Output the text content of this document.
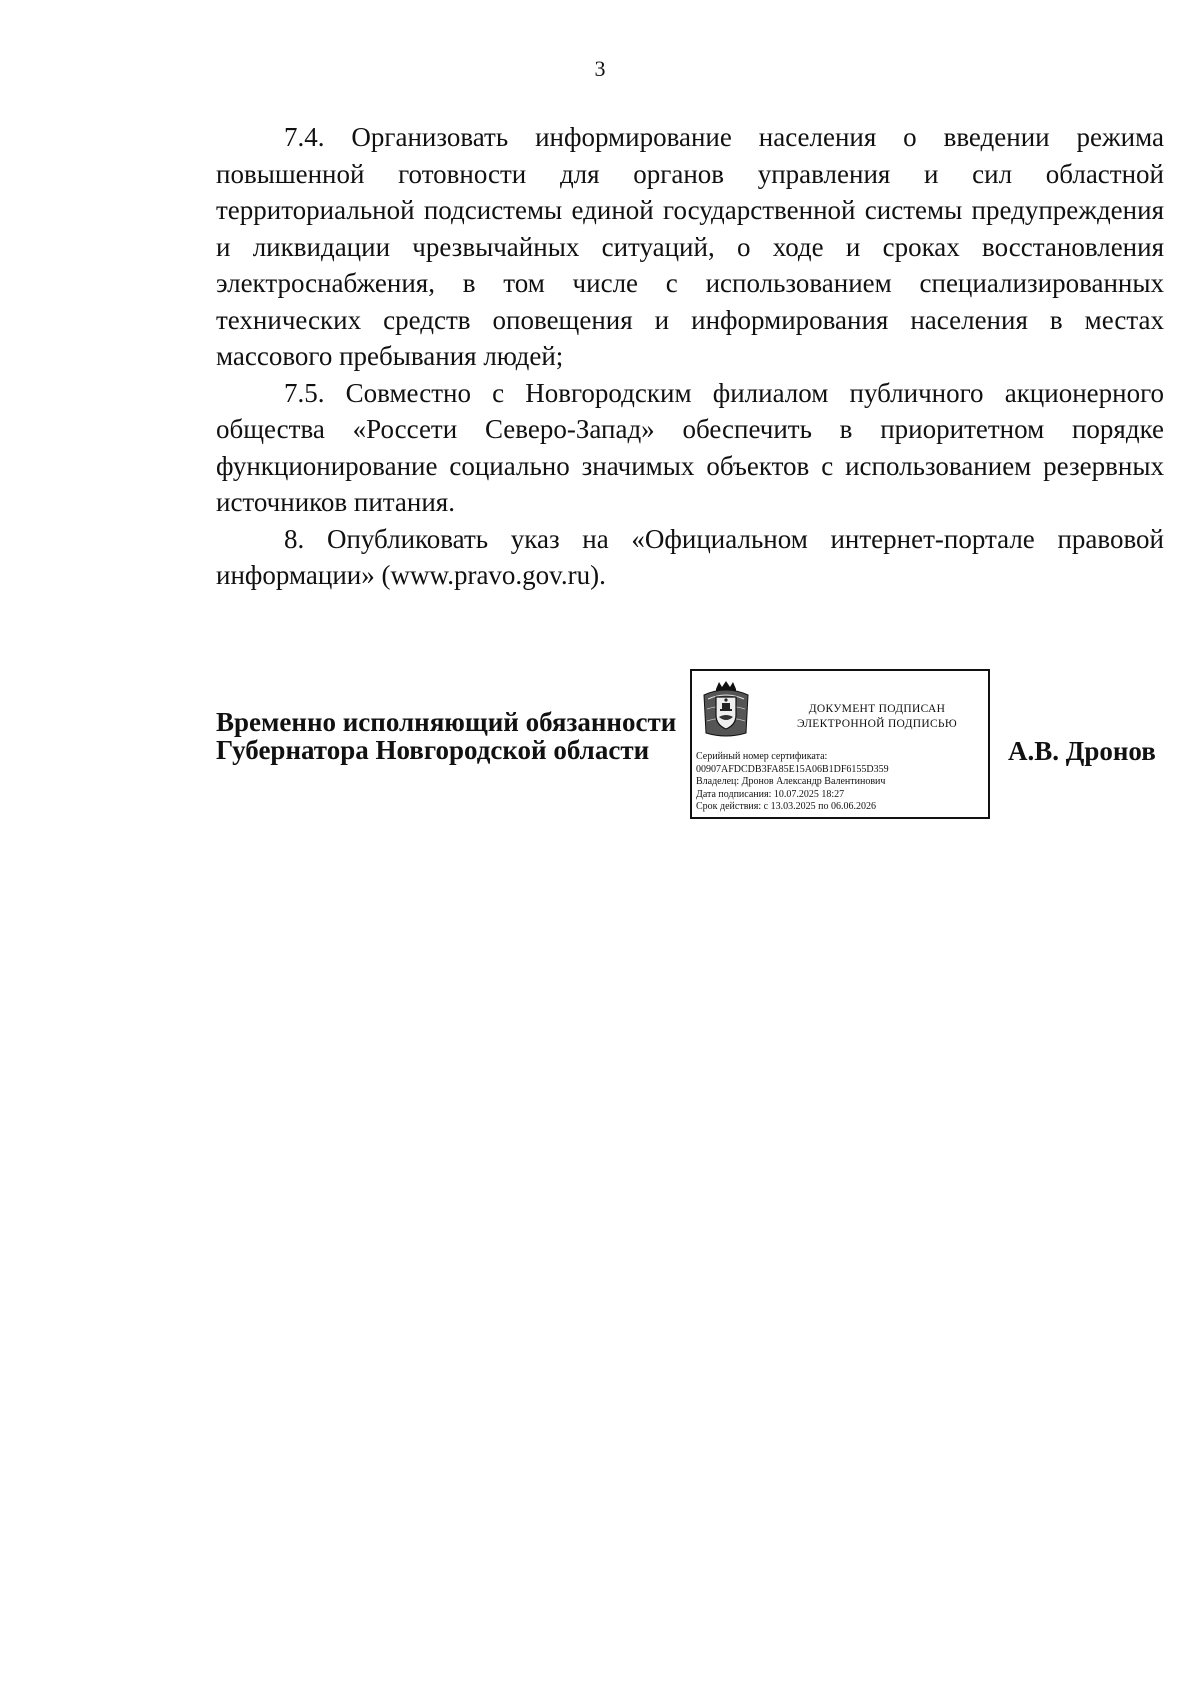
3

7.4. Организовать информирование населения о введении режима повышенной готовности для органов управления и сил областной территориальной подсистемы единой государственной системы предупреждения и ликвидации чрезвычайных ситуаций, о ходе и сроках восстановления электроснабжения, в том числе с использованием специализированных технических средств оповещения и информирования населения в местах массового пребывания людей;

7.5. Совместно с Новгородским филиалом публичного акционерного общества «Россети Северо-Запад» обеспечить в приоритетном порядке функционирование социально значимых объектов с использованием резервных источников питания.

8. Опубликовать указ на «Официальном интернет-портале правовой информации» (www.pravo.gov.ru).

Временно исполняющий обязанности
Губернатора Новгородской области
ДОКУМЕНТ ПОДПИСАН
ЭЛЕКТРОННОЙ ПОДПИСЬЮ
Серийный номер сертификата:
00907AFDCDB3FA85E15A06B1DF6155D359
Владелец: Дронов Александр Валентинович
Дата подписания: 10.07.2025 18:27
Срок действия: с 13.03.2025 по 06.06.2026
А.В. Дронов
